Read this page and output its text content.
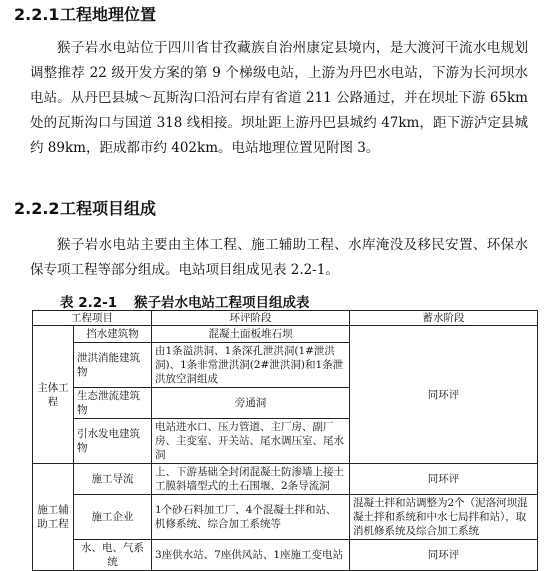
2.2.1工程地理位置
猴子岩水电站位于四川省甘孜藏族自治州康定县境内，是大渡河干流水电规划调整推荐 22 级开发方案的第 9 个梯级电站，上游为丹巴水电站，下游为长河坝水电站。从丹巴县城～瓦斯沟口沿河右岸有省道 211 公路通过，并在坝址下游 65km 处的瓦斯沟口与国道 318 线相接。坝址距上游丹巴县城约 47km，距下游泸定县城约 89km，距成都市约 402km。电站地理位置见附图 3。
2.2.2工程项目组成
猴子岩水电站主要由主体工程、施工辅助工程、水库淹没及移民安置、环保水保专项工程等部分组成。电站项目组成见表 2.2-1。
表 2.2-1 猴子岩水电站工程项目组成表
工程项目		环评阶段	蓄水阶段
主体工程	挡水建筑物	混凝土面板堆石坝	同环评
	泄洪消能建筑物	由1条溢洪洞、1条深孔泄洪洞(1#泄洪洞)、1条非常泄洪洞(2#泄洪洞)和1条泄洪放空洞组成	
	生态泄流建筑物	旁通洞	
	引水发电建筑物	电站进水口、压力管道、主厂房、副厂房、主变室、开关站、尾水调压室、尾水洞	
施工辅助工程	施工导流	上、下游基础全封闭混凝土防渗墙上接土工膜斜墙型式的土石围堰、2条导流洞	同环评
	施工企业	1个砂石料加工厂、4个混凝土拌和站、机修系统、综合加工系统等	混凝土拌和站调整为2个（泥洛河坝混凝土拌和系统和中水七局拌和站），取消机修系统及综合加工系统
	水、电、气系统	3座供水站、7座供风站、1座施工变电站	同环评
